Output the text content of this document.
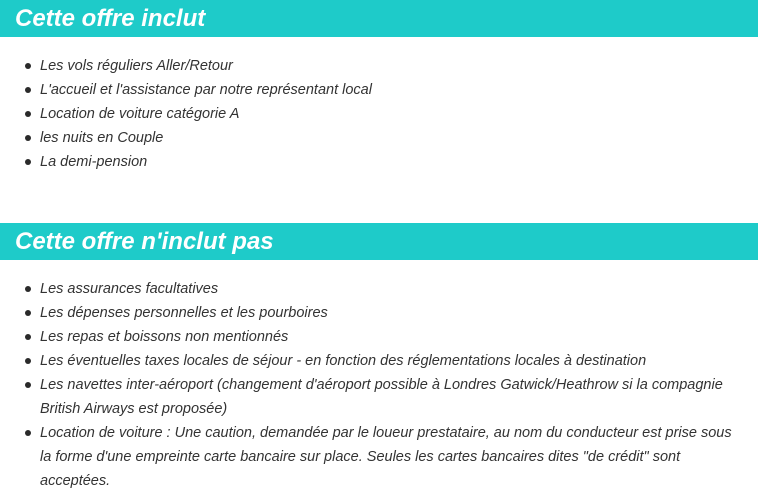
Cette offre inclut
Les vols réguliers Aller/Retour
L'accueil et l'assistance par notre représentant local
Location de voiture catégorie A
les nuits en Couple
La demi-pension
Cette offre n'inclut pas
Les assurances facultatives
Les dépenses personnelles et les pourboires
Les repas et boissons non mentionnés
Les éventuelles taxes locales de séjour - en fonction des réglementations locales à destination
Les navettes inter-aéroport (changement d'aéroport possible à Londres Gatwick/Heathrow si la compagnie British Airways est proposée)
Location de voiture : Une caution, demandée par le loueur prestataire, au nom du conducteur est prise sous la forme d'une empreinte carte bancaire sur place. Seules les cartes bancaires dites "de crédit" sont acceptées.
